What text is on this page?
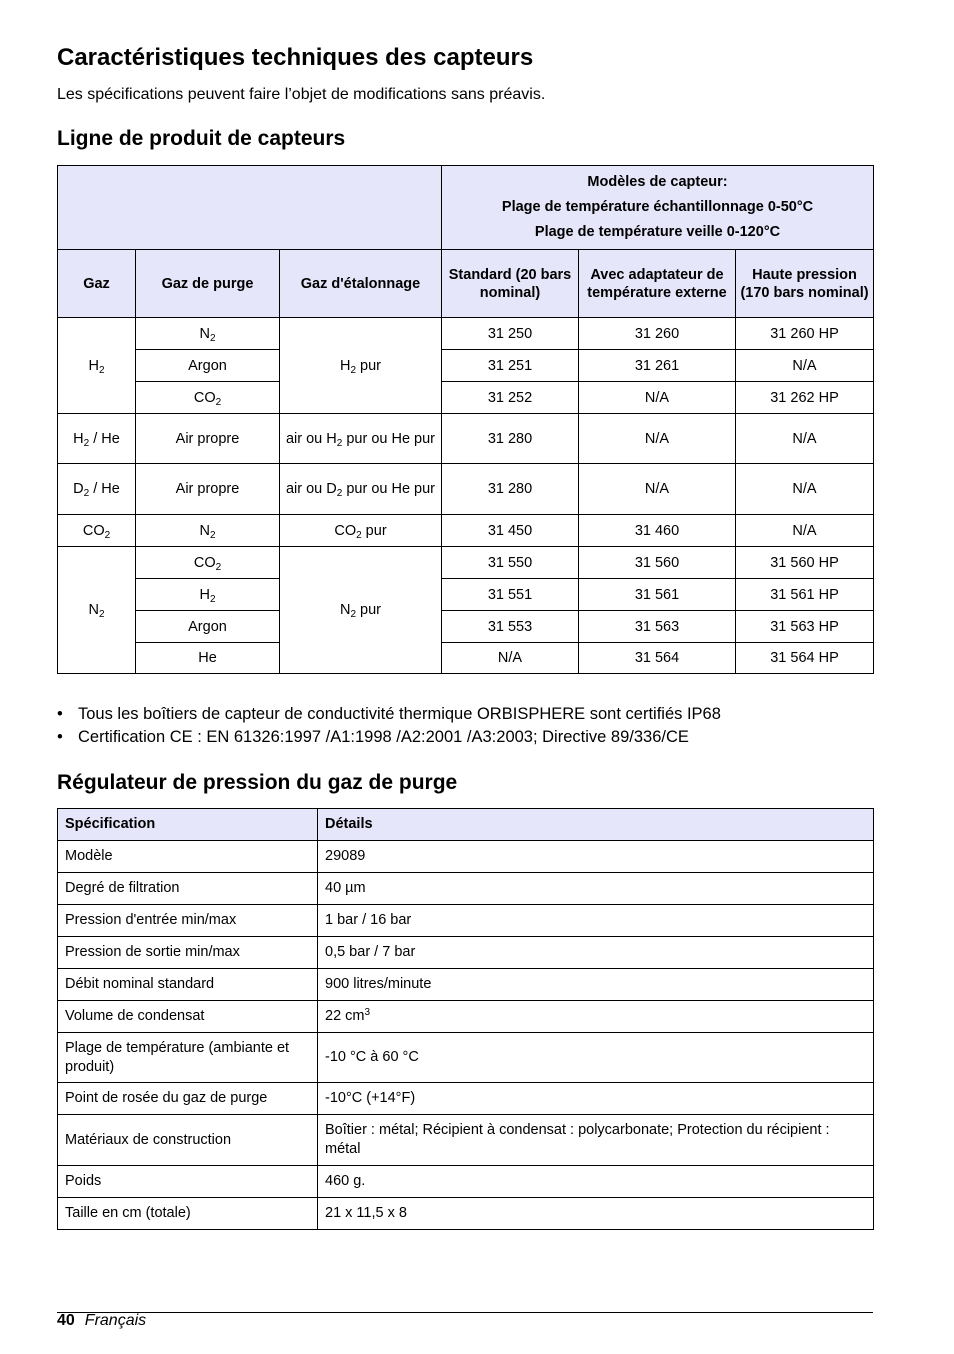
Caractéristiques techniques des capteurs

Les spécifications peuvent faire l’objet de modifications sans préavis.

Ligne de produit de capteurs

			Modèles de capteur:
Plage de température échantillonnage 0-50°C
Plage de température veille 0-120°C		

Gaz	Gaz de purge	Gaz d'étalonnage	Standard (20 bars nominal)	Avec adaptateur de température externe	Haute pression (170 bars nominal)
$H_2$	$N_2$	$H_2$ pur	31 250	31 260	31 260 HP
	Argon		31 251	31 261	N/A
	$CO_2$		31 252	N/A	31 262 HP
$H_2$ / He	Air propre	air ou $H_2$ pur ou He pur	31 280	N/A	N/A
$D_2$ / He	Air propre	air ou $D_2$ pur ou He pur	31 280	N/A	N/A
$CO_2$	$N_2$	$CO_2$ pur	31 450	31 460	N/A
$N_2$	$CO_2$	$N_2$ pur	31 550	31 560	31 560 HP
	$H_2$		31 551	31 561	31 561 HP
	Argon		31 553	31 563	31 563 HP
	He		N/A	31 564	31 564 HP
• Tous les boîtiers de capteur de conductivité thermique ORBISPHERE sont certifiés IP68
• Certification CE : EN 61326:1997 /A1:1998 /A2:2001 /A3:2003; Directive 89/336/CE
Régulateur de pression du gaz de purge
Spécification	Détails
Modèle	29089
Degré de filtration	40 µm
Pression d'entrée min/max	1 bar / 16 bar
Pression de sortie min/max	0,5 bar / 7 bar
Débit nominal standard	900 litres/minute
Volume de condensat	22 $cm^3$
Plage de température (ambiante et produit)	-10 °C à 60 °C
Point de rosée du gaz de purge	-10°C (+14°F)
Matériaux de construction	Boîtier : métal; Récipient à condensat : polycarbonate; Protection du récipient : métal
Poids	460 g.
Taille en cm (totale)	21 x 11,5 x 8
40 Français
